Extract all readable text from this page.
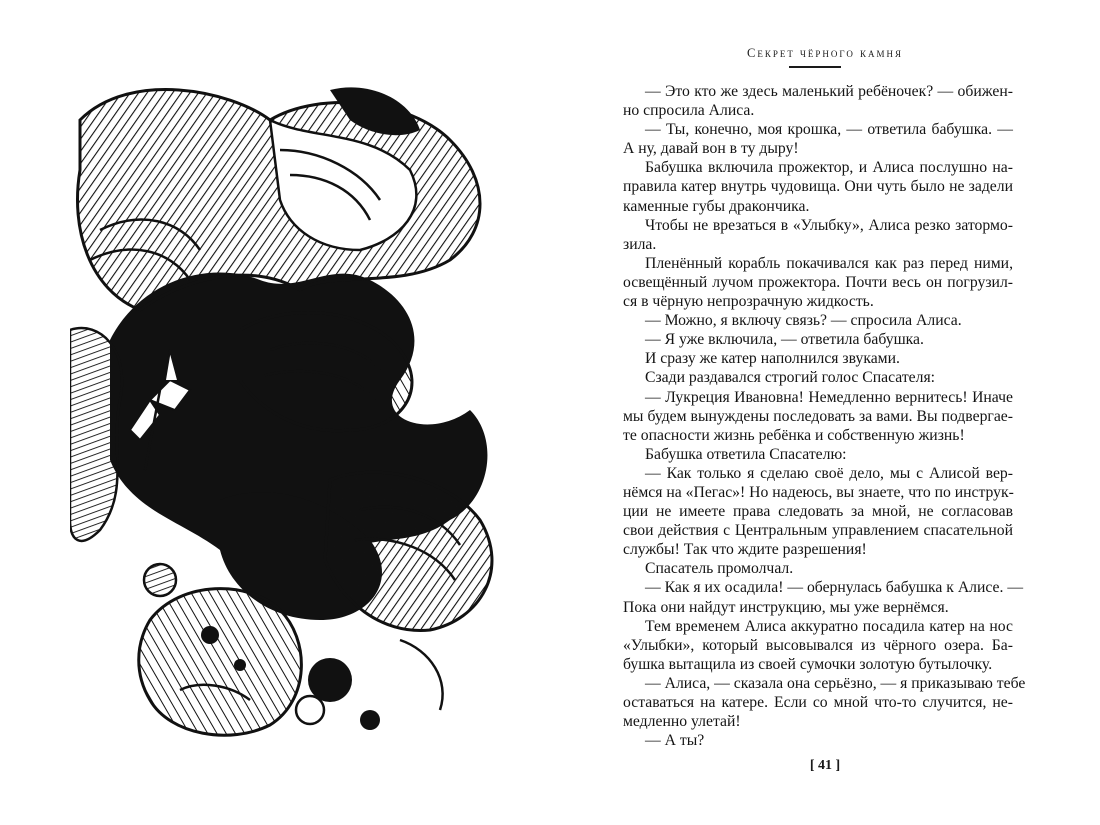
Секрет чёрного камня
— Это кто же здесь маленький ребёночек? — обижен-
но спросила Алиса.
— Ты, конечно, моя крошка, — ответила бабушка. —
А ну, давай вон в ту дыру!
Бабушка включила прожектор, и Алиса послушно на-
правила катер внутрь чудовища. Они чуть было не задели
каменные губы дракончика.
Чтобы не врезаться в «Улыбку», Алиса резко затормо-
зила.
Пленённый корабль покачивался как раз перед ними,
освещённый лучом прожектора. Почти весь он погрузил-
ся в чёрную непрозрачную жидкость.
— Можно, я включу связь? — спросила Алиса.
— Я уже включила, — ответила бабушка.
И сразу же катер наполнился звуками.
Сзади раздавался строгий голос Спасателя:
— Лукреция Ивановна! Немедленно вернитесь! Иначе
мы будем вынуждены последовать за вами. Вы подвергае-
те опасности жизнь ребёнка и собственную жизнь!
Бабушка ответила Спасателю:
— Как только я сделаю своё дело, мы с Алисой вер-
нёмся на «Пегас»! Но надеюсь, вы знаете, что по инструк-
ции не имеете права следовать за мной, не согласовав
свои действия с Центральным управлением спасательной
службы! Так что ждите разрешения!
Спасатель промолчал.
— Как я их осадила! — обернулась бабушка к Алисе. —
Пока они найдут инструкцию, мы уже вернёмся.
Тем временем Алиса аккуратно посадила катер на нос
«Улыбки», который высовывался из чёрного озера. Ба-
бушка вытащила из своей сумочки золотую бутылочку.
— Алиса, — сказала она серьёзно, — я приказываю тебе
оставаться на катере. Если со мной что-то случится, не-
медленно улетай!
— А ты?
[ 41 ]
